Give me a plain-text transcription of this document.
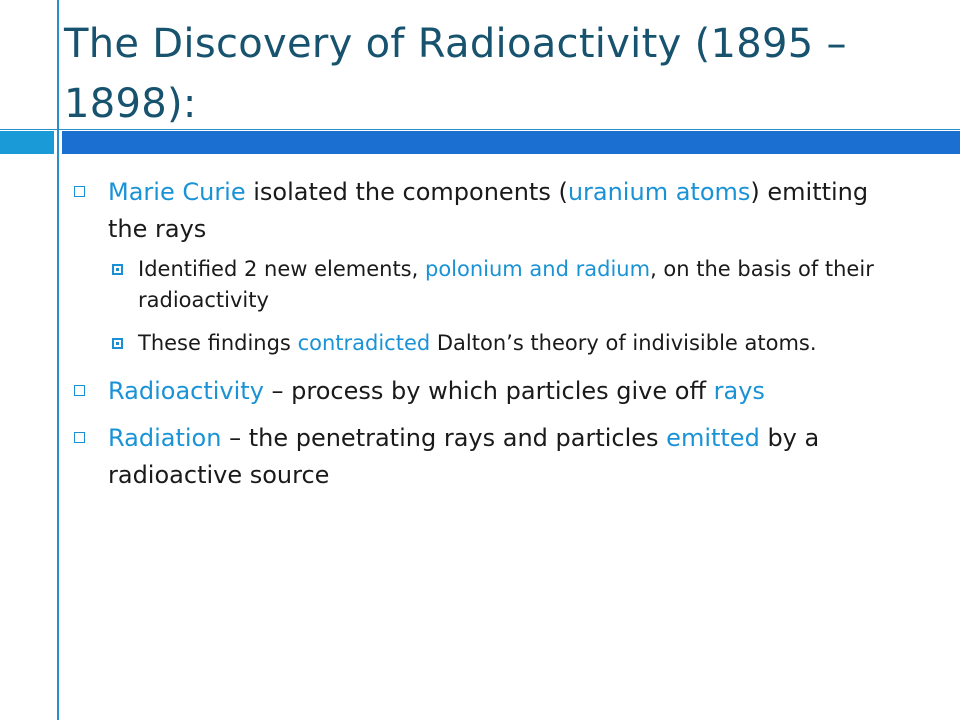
The Discovery of Radioactivity (1895 – 1898):
Marie Curie isolated the components (uranium atoms) emitting the rays
Identified 2 new elements, polonium and radium, on the basis of their radioactivity
These findings contradicted Dalton’s theory of indivisible atoms.
Radioactivity – process by which particles give off rays
Radiation – the penetrating rays and particles emitted by a radioactive source
